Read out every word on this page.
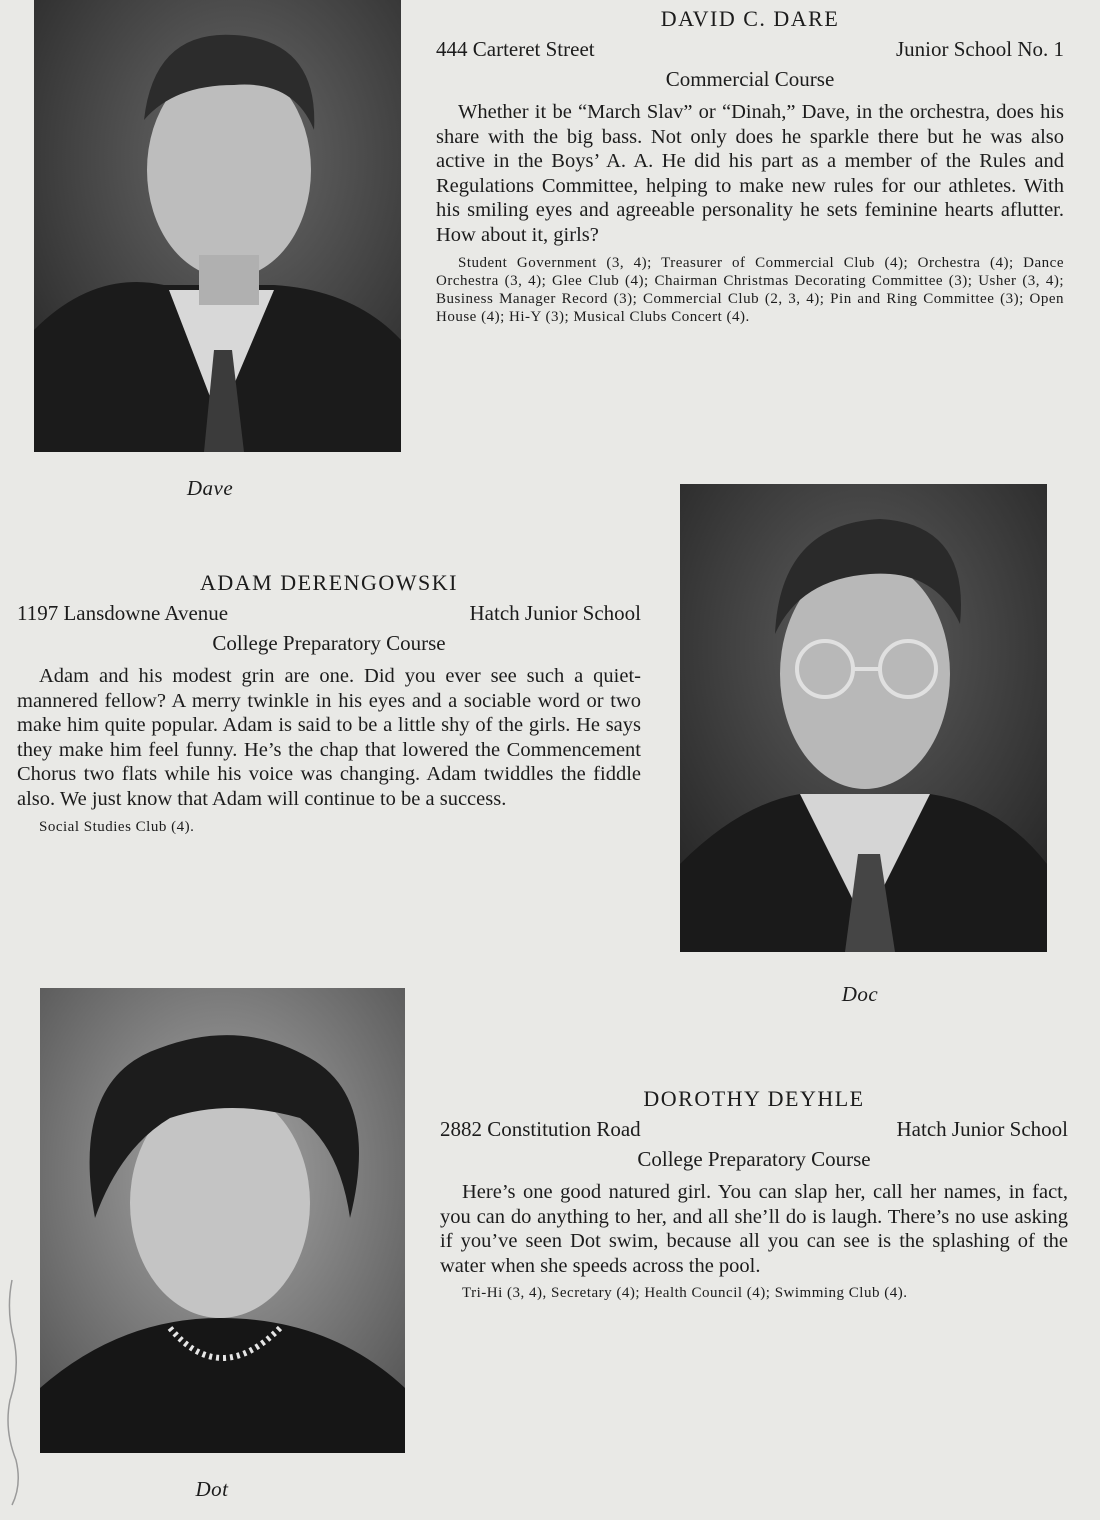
Dave
DAVID C. DARE
444 Carteret Street	Junior School No. 1
Commercial Course

Whether it be “March Slav” or “Dinah,” Dave, in the orchestra, does his share with the big bass. Not only does he sparkle there but he was also active in the Boys’ A. A. He did his part as a member of the Rules and Regulations Committee, helping to make new rules for our athletes. With his smiling eyes and agreeable personality he sets feminine hearts aflutter. How about it, girls?

Student Government (3, 4); Treasurer of Commercial Club (4); Orchestra (4); Dance Orchestra (3, 4); Glee Club (4); Chairman Christmas Decorating Committee (3); Usher (3, 4); Business Manager Record (3); Commercial Club (2, 3, 4); Pin and Ring Committee (3); Open House (4); Hi-Y (3); Musical Clubs Concert (4).

ADAM DERENGOWSKI
1197 Lansdowne Avenue	Hatch Junior School
College Preparatory Course

Adam and his modest grin are one. Did you ever see such a quiet-mannered fellow? A merry twinkle in his eyes and a sociable word or two make him quite popular. Adam is said to be a little shy of the girls. He says they make him feel funny. He’s the chap that lowered the Commencement Chorus two flats while his voice was changing. Adam twiddles the fiddle also. We just know that Adam will continue to be a success.

Social Studies Club (4).

Doc
Dot
DOROTHY DEYHLE
2882 Constitution Road	Hatch Junior School
College Preparatory Course

Here’s one good natured girl. You can slap her, call her names, in fact, you can do anything to her, and all she’ll do is laugh. There’s no use asking if you’ve seen Dot swim, because all you can see is the splashing of the water when she speeds across the pool.

Tri-Hi (3, 4), Secretary (4); Health Council (4); Swimming Club (4).
